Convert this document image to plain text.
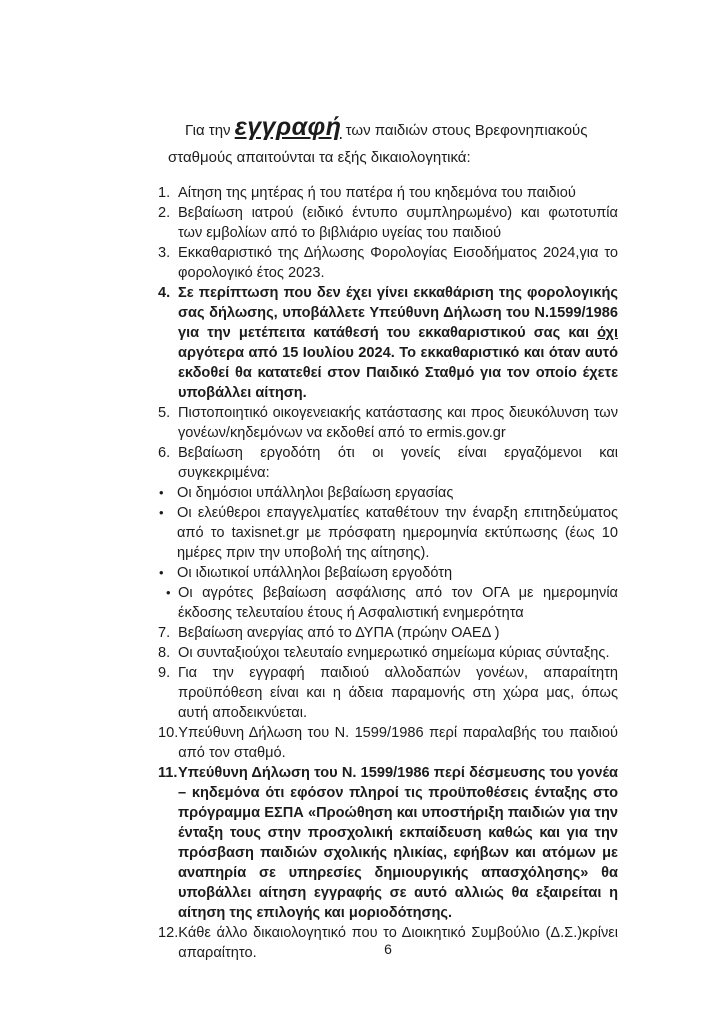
Για την εγγραφή των παιδιών στους Βρεφονηπιακούς σταθμούς απαιτούνται τα εξής δικαιολογητικά:

1. Αίτηση της μητέρας ή του πατέρα ή του κηδεμόνα του παιδιού
2. Βεβαίωση ιατρού (ειδικό έντυπο συμπληρωμένο) και φωτοτυπία των εμβολίων από το βιβλιάριο υγείας του παιδιού
3. Εκκαθαριστικό της Δήλωσης Φορολογίας Εισοδήματος 2024,για το φορολογικό έτος 2023.
4. Σε περίπτωση που δεν έχει γίνει εκκαθάριση της φορολογικής σας δήλωσης, υποβάλλετε Υπεύθυνη Δήλωση του Ν.1599/1986 για την μετέπειτα κατάθεσή του εκκαθαριστικού σας και όχι αργότερα από 15 Ιουλίου 2024. Το εκκαθαριστικό και όταν αυτό εκδοθεί θα κατατεθεί στον Παιδικό Σταθμό για τον οποίο έχετε υποβάλλει αίτηση.
5. Πιστοποιητικό οικογενειακής κατάστασης και προς διευκόλυνση των γονέων/κηδεμόνων να εκδοθεί από το ermis.gov.gr
6. Βεβαίωση εργοδότη ότι οι γονείς είναι εργαζόμενοι και συγκεκριμένα:
• Οι δημόσιοι υπάλληλοι βεβαίωση εργασίας
• Οι ελεύθεροι επαγγελματίες καταθέτουν την έναρξη επιτηδεύματος από το taxisnet.gr με πρόσφατη ημερομηνία εκτύπωσης (έως 10 ημέρες πριν την υποβολή της αίτησης).
• Οι ιδιωτικοί υπάλληλοι βεβαίωση εργοδότη
• Οι αγρότες βεβαίωση ασφάλισης από τον ΟΓΑ με ημερομηνία έκδοσης τελευταίου έτους ή Ασφαλιστική ενημερότητα
7. Βεβαίωση ανεργίας από το ΔΥΠΑ (πρώην ΟΑΕΔ )
8. Οι συνταξιούχοι τελευταίο ενημερωτικό σημείωμα κύριας σύνταξης.
9. Για την εγγραφή παιδιού αλλοδαπών γονέων, απαραίτητη προϋπόθεση είναι και η άδεια παραμονής στη χώρα μας, όπως αυτή αποδεικνύεται.
10. Υπεύθυνη Δήλωση του Ν. 1599/1986 περί παραλαβής του παιδιού από τον σταθμό.
11. Υπεύθυνη Δήλωση του Ν. 1599/1986 περί δέσμευσης του γονέα – κηδεμόνα ότι εφόσον πληροί τις προϋποθέσεις ένταξης στο πρόγραμμα ΕΣΠΑ «Προώθηση και υποστήριξη παιδιών για την ένταξη τους στην προσχολική εκπαίδευση καθώς και για την πρόσβαση παιδιών σχολικής ηλικίας, εφήβων και ατόμων με αναπηρία σε υπηρεσίες δημιουργικής απασχόλησης» θα υποβάλλει αίτηση εγγραφής σε αυτό αλλιώς θα εξαιρείται η αίτηση της επιλογής και μοριοδότησης.
12. Κάθε άλλο δικαιολογητικό που το Διοικητικό Συμβούλιο (Δ.Σ.)κρίνει απαραίτητο.	6
